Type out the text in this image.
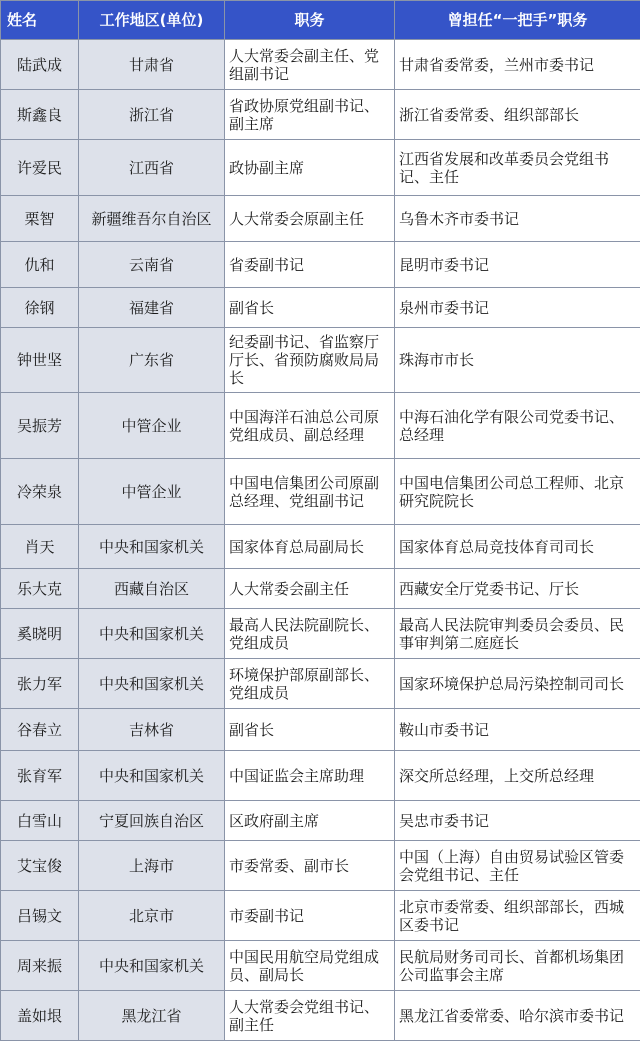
姓名	工作地区(单位)	职务	曾担任“一把手”职务
陆武成	甘肃省	人大常委会副主任、党组副书记	甘肃省委常委，兰州市委书记
斯鑫良	浙江省	省政协原党组副书记、副主席	浙江省委常委、组织部部长
许爱民	江西省	政协副主席	江西省发展和改革委员会党组书记、主任
栗智	新疆维吾尔自治区	人大常委会原副主任	乌鲁木齐市委书记
仇和	云南省	省委副书记	昆明市委书记
徐钢	福建省	副省长	泉州市委书记
钟世坚	广东省	纪委副书记、省监察厅厅长、省预防腐败局局长	珠海市市长
吴振芳	中管企业	中国海洋石油总公司原党组成员、副总经理	中海石油化学有限公司党委书记、总经理
冷荣泉	中管企业	中国电信集团公司原副总经理、党组副书记	中国电信集团公司总工程师、北京研究院院长
肖天	中央和国家机关	国家体育总局副局长	国家体育总局竞技体育司司长
乐大克	西藏自治区	人大常委会副主任	西藏安全厅党委书记、厅长
奚晓明	中央和国家机关	最高人民法院副院长、党组成员	最高人民法院审判委员会委员、民事审判第二庭庭长
张力军	中央和国家机关	环境保护部原副部长、党组成员	国家环境保护总局污染控制司司长
谷春立	吉林省	副省长	鞍山市委书记
张育军	中央和国家机关	中国证监会主席助理	深交所总经理，上交所总经理
白雪山	宁夏回族自治区	区政府副主席	吴忠市委书记
艾宝俊	上海市	市委常委、副市长	中国（上海）自由贸易试验区管委会党组书记、主任
吕锡文	北京市	市委副书记	北京市委常委、组织部部长，西城区委书记
周来振	中央和国家机关	中国民用航空局党组成员、副局长	民航局财务司司长、首都机场集团公司监事会主席
盖如垠	黑龙江省	人大常委会党组书记、副主任	黑龙江省委常委、哈尔滨市委书记
